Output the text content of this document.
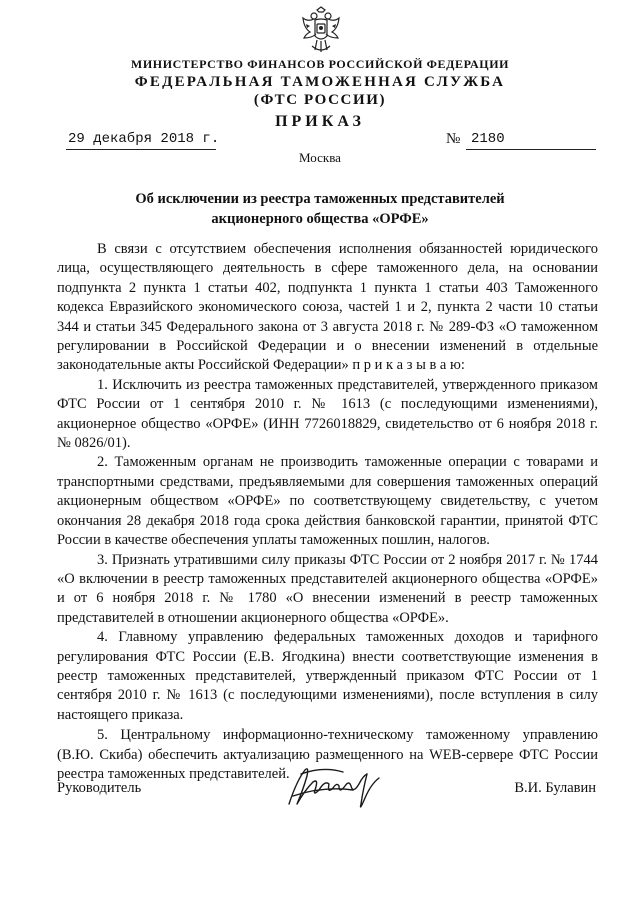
МИНИСТЕРСТВО ФИНАНСОВ РОССИЙСКОЙ ФЕДЕРАЦИИ
ФЕДЕРАЛЬНАЯ ТАМОЖЕННАЯ СЛУЖБА
(ФТС РОССИИ)
ПРИКАЗ
29 декабря 2018 г.	№ 2180
Москва
Об исключении из реестра таможенных представителей
акционерного общества «ОРФЕ»

В связи с отсутствием обеспечения исполнения обязанностей юридического лица, осуществляющего деятельность в сфере таможенного дела, на основании подпункта 2 пункта 1 статьи 402, подпункта 1 пункта 1 статьи 403 Таможенного кодекса Евразийского экономического союза, частей 1 и 2, пункта 2 части 10 статьи 344 и статьи 345 Федерального закона от 3 августа 2018 г. № 289-ФЗ «О таможенном регулировании в Российской Федерации и о внесении изменений в отдельные законодательные акты Российской Федерации» п р и к а з ы в а ю:

1. Исключить из реестра таможенных представителей, утвержденного приказом ФТС России от 1 сентября 2010 г. № 1613 (с последующими изменениями), акционерное общество «ОРФЕ» (ИНН 7726018829, свидетельство от 6 ноября 2018 г. № 0826/01).

2. Таможенным органам не производить таможенные операции с товарами и транспортными средствами, предъявляемыми для совершения таможенных операций акционерным обществом «ОРФЕ» по соответствующему свидетельству, с учетом окончания 28 декабря 2018 года срока действия банковской гарантии, принятой ФТС России в качестве обеспечения уплаты таможенных пошлин, налогов.

3. Признать утратившими силу приказы ФТС России от 2 ноября 2017 г. № 1744 «О включении в реестр таможенных представителей акционерного общества «ОРФЕ» и от 6 ноября 2018 г. № 1780 «О внесении изменений в реестр таможенных представителей в отношении акционерного общества «ОРФЕ».

4. Главному управлению федеральных таможенных доходов и тарифного регулирования ФТС России (Е.В. Ягодкина) внести соответствующие изменения в реестр таможенных представителей, утвержденный приказом ФТС России от 1 сентября 2010 г. № 1613 (с последующими изменениями), после вступления в силу настоящего приказа.

5. Центральному информационно-техническому таможенному управлению (В.Ю. Скиба) обеспечить актуализацию размещенного на WEB-сервере ФТС России реестра таможенных представителей.

Руководитель	В.И. Булавин
